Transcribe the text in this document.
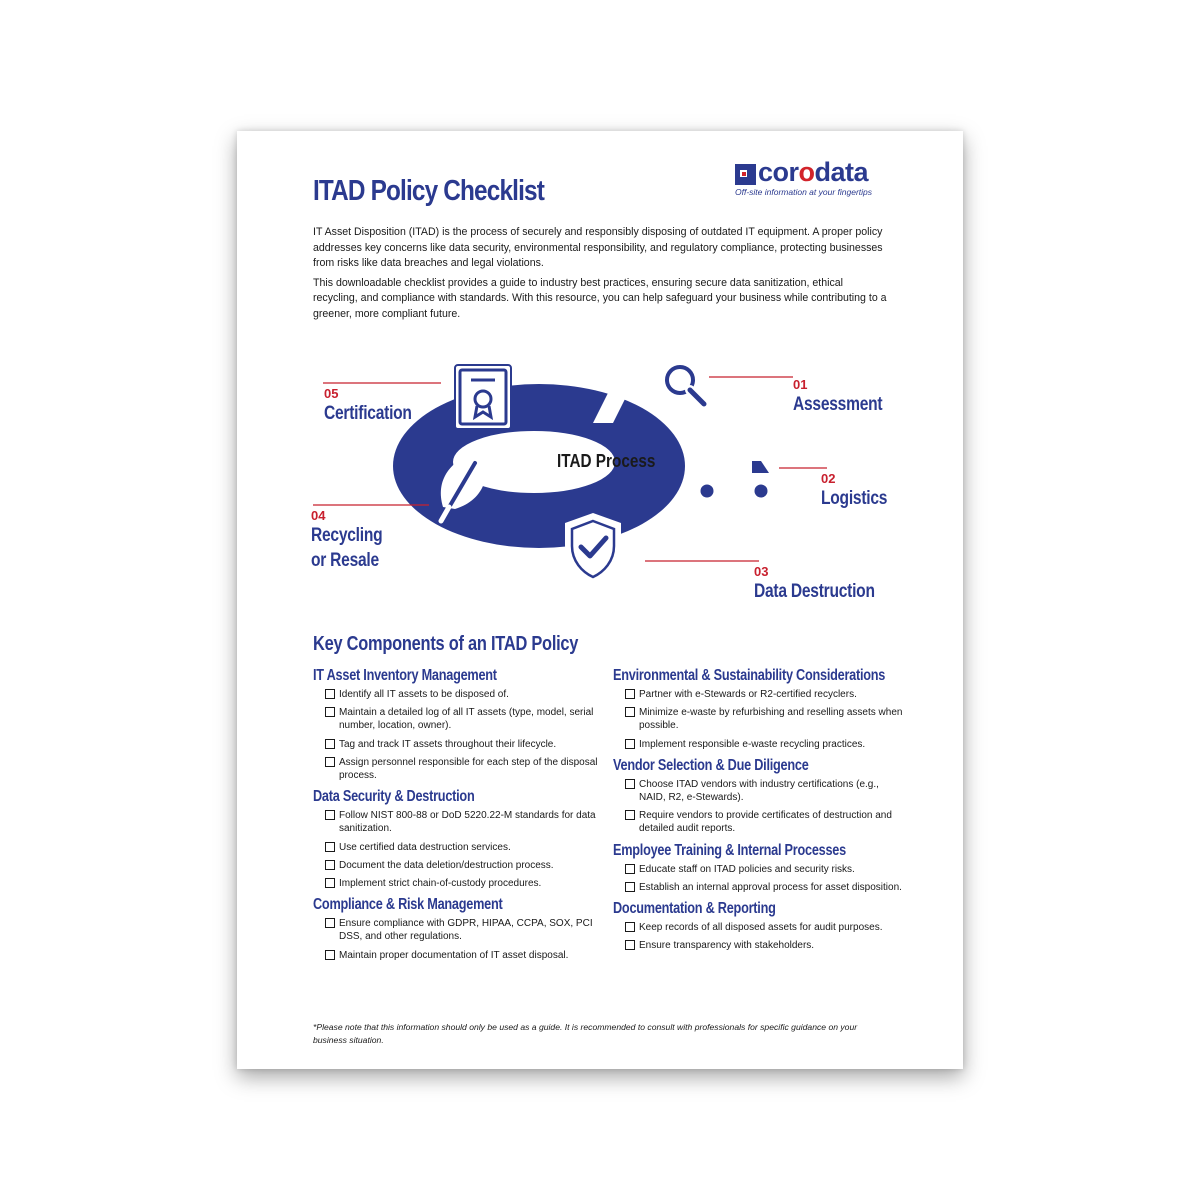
ITAD Policy Checklist
corodata
Off-site information at your fingertips

IT Asset Disposition (ITAD) is the process of securely and responsibly disposing of outdated IT equipment. A proper policy addresses key concerns like data security, environmental responsibility, and regulatory compliance, protecting businesses from risks like data breaches and legal violations.

This downloadable checklist provides a guide to industry best practices, ensuring secure data sanitization, ethical recycling, and compliance with standards. With this resource, you can help safeguard your business while contributing to a greener, more compliant future.

ITAD Process
01
Assessment
02
Logistics
03
Data Destruction
04
Recycling
or Resale
05
Certification
Key Components of an ITAD Policy
IT Asset Inventory Management
Identify all IT assets to be disposed of.
Maintain a detailed log of all IT assets (type, model, serial number, location, owner).
Tag and track IT assets throughout their lifecycle.
Assign personnel responsible for each step of the disposal process.
Data Security & Destruction
Follow NIST 800-88 or DoD 5220.22-M standards for data sanitization.
Use certified data destruction services.
Document the data deletion/destruction process.
Implement strict chain-of-custody procedures.
Compliance & Risk Management
Ensure compliance with GDPR, HIPAA, CCPA, SOX, PCI DSS, and other regulations.
Maintain proper documentation of IT asset disposal.
Environmental & Sustainability Considerations
Partner with e-Stewards or R2-certified recyclers.
Minimize e-waste by refurbishing and reselling assets when possible.
Implement responsible e-waste recycling practices.
Vendor Selection & Due Diligence
Choose ITAD vendors with industry certifications (e.g., NAID, R2, e-Stewards).
Require vendors to provide certificates of destruction and detailed audit reports.
Employee Training & Internal Processes
Educate staff on ITAD policies and security risks.
Establish an internal approval process for asset disposition.
Documentation & Reporting
Keep records of all disposed assets for audit purposes.
Ensure transparency with stakeholders.
*Please note that this information should only be used as a guide. It is recommended to consult with professionals for specific guidance on your business situation.
